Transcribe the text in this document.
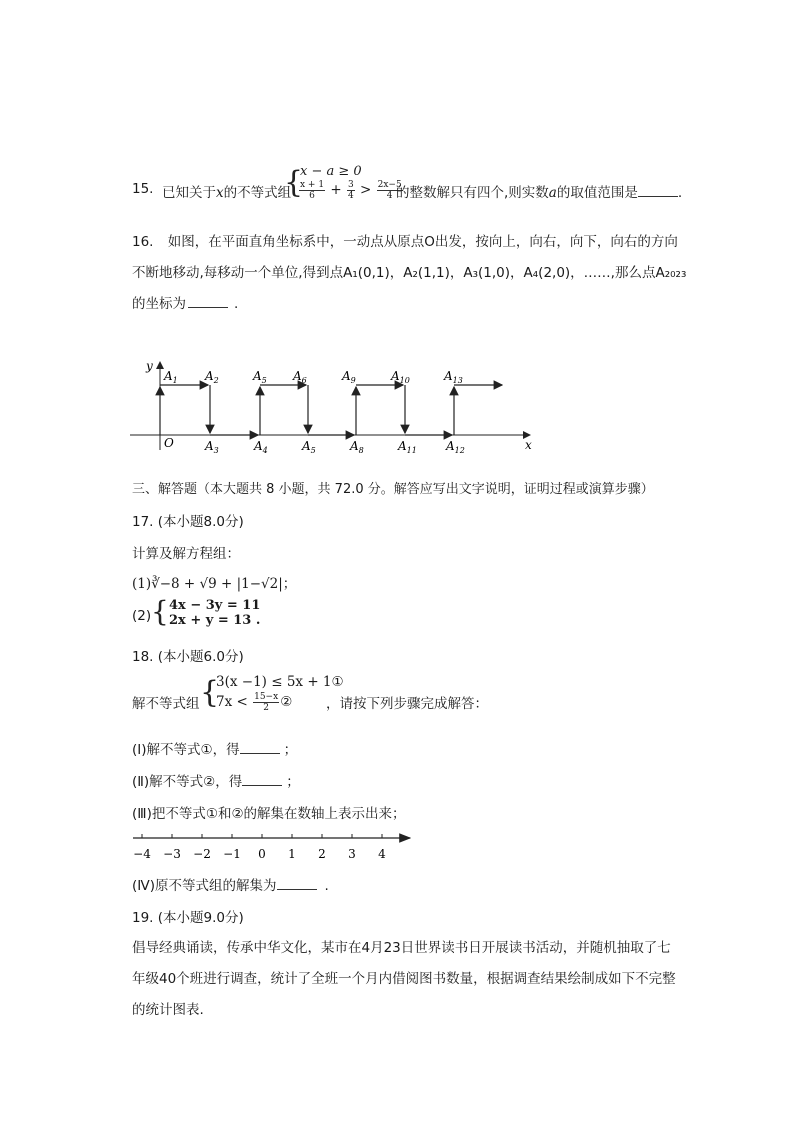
15. 已知关于x的不等式组
{
x − a ≥ 0
$\frac{x + 1}{6} + \frac{3}{4} > \frac{2x-5}{4}$
的整数解只有四个,则实数a的取值范围是	.
16. 如图，在平面直角坐标系中，一动点从原点O出发，按向上，向右，向下，向右的方向
不断地移动,每移动一个单位,得到点A₁(0,1)，A₂(1,1)，A₃(1,0)，A₄(2,0)，……,那么点A₂₀₂₃
的坐标为	.
y
x
O
$A_1$ $A_2$	$A_5$ $A_6$	$A_9$	$A_{10}$	$A_{13}$
$A_3$	$A_4$	$A_5$	$A_8$	$A_{11}$ $A_{12}$
三、解答题（本大题共 8 小题，共 72.0 分。解答应写出文字说明，证明过程或演算步骤）
17. (本小题8.0分)
计算及解方程组：
(1)∛−8 + √9 + |1−√2|；
(2) { 4x − 3y = 11
2x + y = 13 .
18. (本小题6.0分)
解不等式组 {
3(x −1) ≤ 5x + 1①
$7x < \frac{15-x}{2}$ ② ，请按下列步骤完成解答：
(Ⅰ)解不等式①，得	；
(Ⅱ)解不等式②，得	；
(Ⅲ)把不等式①和②的解集在数轴上表示出来；
−4 −3 −2 −1 0 1 2 3 4
(Ⅳ)原不等式组的解集为	.
19. (本小题9.0分)
倡导经典诵读，传承中华文化，某市在4月23日世界读书日开展读书活动，并随机抽取了七
年级40个班进行调查，统计了全班一个月内借阅图书数量，根据调查结果绘制成如下不完整
的统计图表.
